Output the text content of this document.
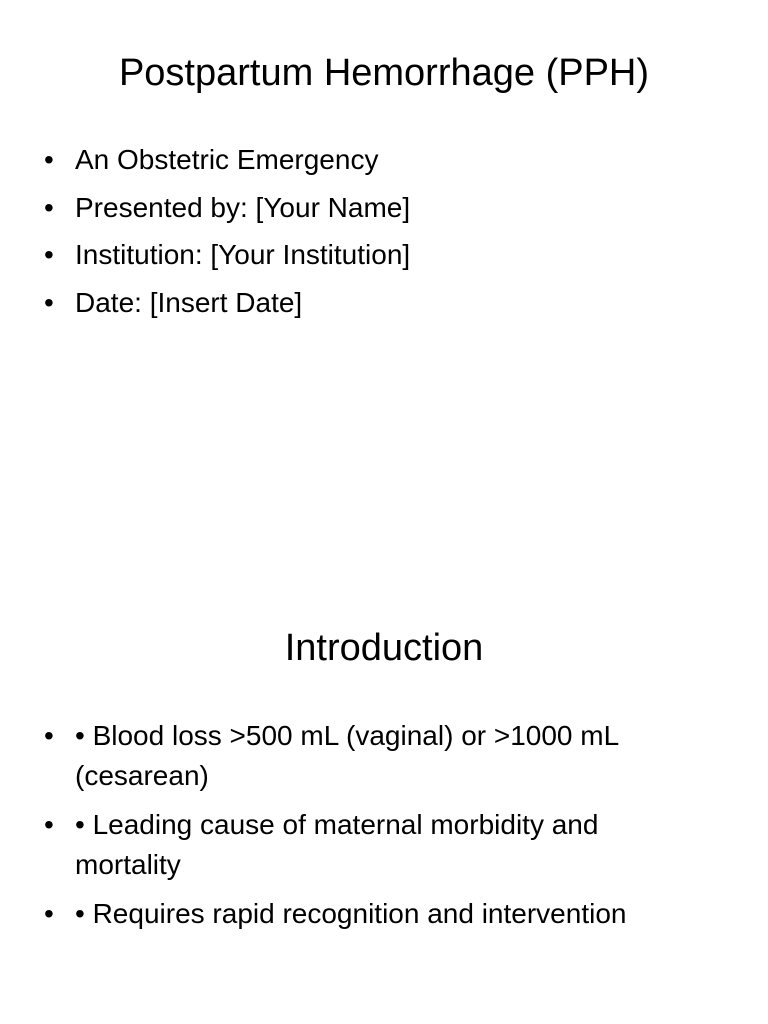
Postpartum Hemorrhage (PPH)
• An Obstetric Emergency
• Presented by: [Your Name]
• Institution: [Your Institution]
• Date: [Insert Date]
Introduction
• • Blood loss >500 mL (vaginal) or >1000 mL (cesarean)
• • Leading cause of maternal morbidity and mortality
• • Requires rapid recognition and intervention
